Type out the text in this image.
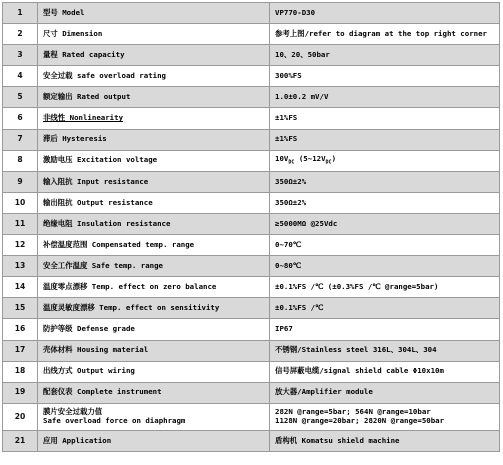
1	型号 Model	VP770-D30
2	尺寸 Dimension	参考上图/refer to diagram at the top right corner
3	量程 Rated capacity	10、20、50bar
4	安全过载 safe overload rating	300%FS
5	额定输出 Rated output	1.0±0.2 mV/V
6	非线性 Nonlinearity	±1%FS
7	滞后 Hysteresis	±1%FS
8	激励电压 Excitation voltage	$10V_{DC}$ $(5\sim 12V_{DC})$
9	输入阻抗 Input resistance	350Ω±2%
10	输出阻抗 Output resistance	350Ω±2%
11	绝缘电阻 Insulation resistance	≥5000MΩ @25Vdc
12	补偿温度范围 Compensated temp. range	0~70℃
13	安全工作温度 Safe temp. range	0~80℃
14	温度零点漂移 Temp. effect on zero balance	±0.1%FS /℃ (±0.3%FS /℃ @range=5bar)
15	温度灵敏度漂移 Temp. effect on sensitivity	±0.1%FS /℃
16	防护等级 Defense grade	IP67
17	壳体材料 Housing material	不锈钢/Stainless steel 316L、304L、304
18	出线方式 Output wiring	信号屏蔽电缆/signal shield cable Φ10x10m
19	配套仪表 Complete instrument	放大器/Amplifier module
20	膜片安全过载力值
Safe overload force on diaphragm	282N @range=5bar; 564N @range=10bar
1128N @range=20bar; 2820N @range=50bar

21	应用 Application	盾构机 Komatsu shield machine
